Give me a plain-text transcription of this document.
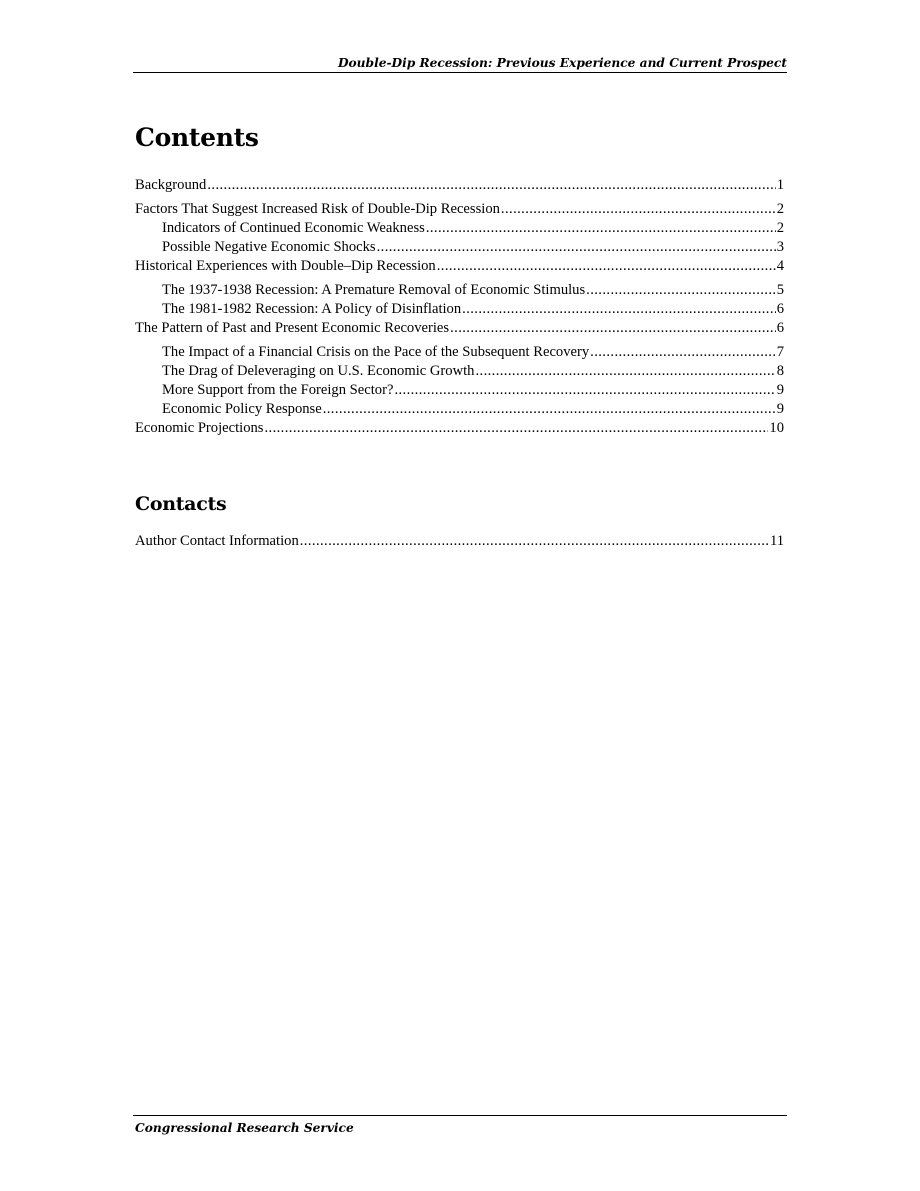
Double-Dip Recession: Previous Experience and Current Prospect
Contents
Background .....	1
Factors That Suggest Increased Risk of Double-Dip Recession .....	2
Indicators of Continued Economic Weakness .....	2
Possible Negative Economic Shocks .....	3
Historical Experiences with Double–Dip Recession .....	4
The 1937-1938 Recession: A Premature Removal of Economic Stimulus .....	5
The 1981-1982 Recession: A Policy of Disinflation .....	6
The Pattern of Past and Present Economic Recoveries .....	6
The Impact of a Financial Crisis on the Pace of the Subsequent Recovery .....	7
The Drag of Deleveraging on U.S. Economic Growth .....	8
More Support from the Foreign Sector? .....	9
Economic Policy Response .....	9
Economic Projections .....	10
Contacts
Author Contact Information .....	11
Congressional Research Service
